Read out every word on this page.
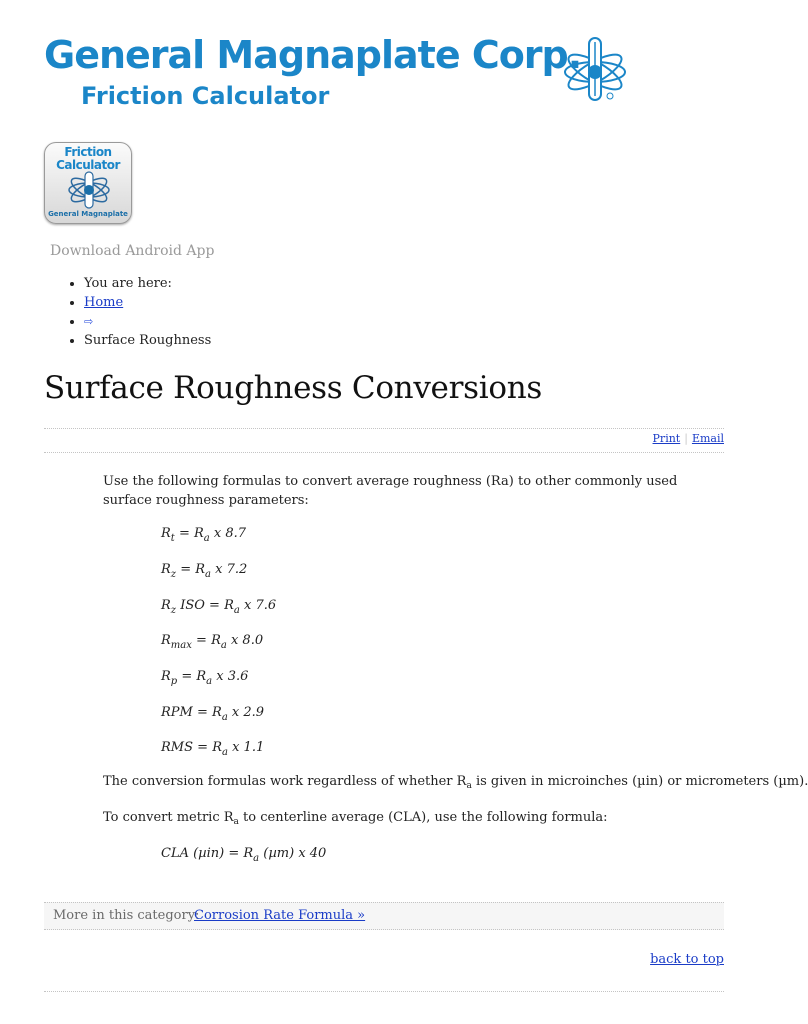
General Magnaplate Corp.
Friction Calculator
Friction
Calculator
General Magnaplate
Download Android App
• You are here:
• Home
• ⇨
• Surface Roughness
Surface Roughness Conversions
Print | Email

Use the following formulas to convert average roughness (Ra) to other commonly used surface roughness parameters:

$R_t = R_a$ x 8.7
$R_z = R_a$ x 7.2
$R_z$ ISO = $R_a$ x 7.6
$R_{max} = R_a$ x 8.0
$R_p = R_a$ x 3.6
RPM = $R_a$ x 2.9
RMS = $R_a$ x 1.1

The conversion formulas work regardless of whether $R_a$ is given in microinches (µin) or micrometers (µm).

To convert metric $R_a$ to centerline average (CLA), use the following formula:

CLA $(\mu in) = R_a$ (µm) x 40
More in this category:
Corrosion Rate Formula »
back to top
